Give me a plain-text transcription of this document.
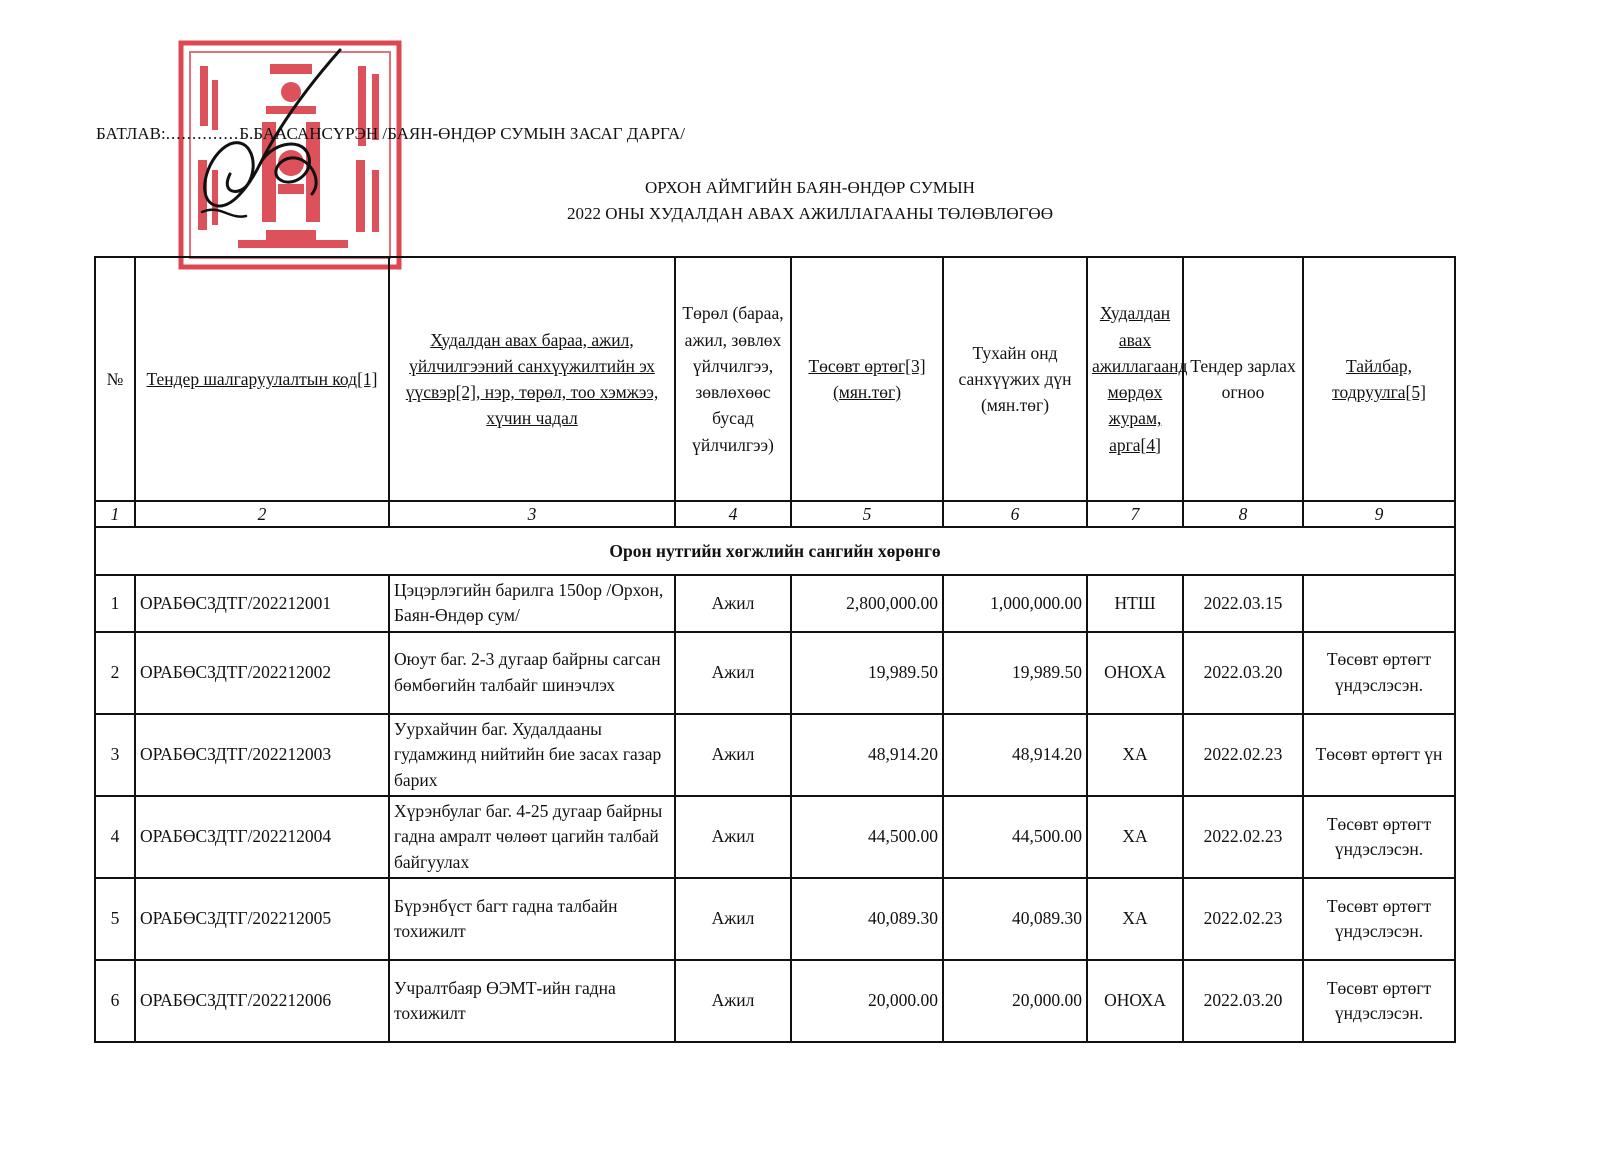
БАТЛАВ:..............Б.БААСАНСҮРЭН /БАЯН-ӨНДӨР СУМЫН ЗАСАГ ДАРГА/
ОРХОН АЙМГИЙН БАЯН-ӨНДӨР СУМЫН
2022 ОНЫ ХУДАЛДАН АВАХ АЖИЛЛАГААНЫ ТӨЛӨВЛӨГӨӨ
№	Тендер шалгаруулалтын код[1]	Худалдан авах бараа, ажил, үйлчилгээний санхүүжилтийн эх үүсвэр[2], нэр, төрөл, тоо хэмжээ, хүчин чадал	Төрөл (бараа, ажил, зөвлөх үйлчилгээ, зөвлөхөөс бусад үйлчилгээ)	Төсөвт өртөг[3] (мян.төг)	Тухайн онд санхүүжих дүн (мян.төг)	Худалдан авах ажиллагаанд мөрдөх журам, арга[4]	Тендер зарлах огноо	Тайлбар, тодруулга[5]
1	2	3	4	5	6	7	8	9
Орон нутгийн хөгжлийн сангийн хөрөнгө								
1	ОРАБӨСЗДТГ/202212001	Цэцэрлэгийн барилга 150ор /Орхон, Баян-Өндөр сум/	Ажил	2,800,000.00	1,000,000.00	НТШ	2022.03.15	
2	ОРАБӨСЗДТГ/202212002	Оюут баг. 2-3 дугаар байрны сагсан бөмбөгийн талбайг шинэчлэх	Ажил	19,989.50	19,989.50	ОНОХА	2022.03.20	Төсөвт өртөгт үндэслэсэн.
3	ОРАБӨСЗДТГ/202212003	Уурхайчин баг. Худалдааны гудамжинд нийтийн бие засах газар барих	Ажил	48,914.20	48,914.20	ХА	2022.02.23	Төсөвт өртөгт үн
4	ОРАБӨСЗДТГ/202212004	Хүрэнбулаг баг. 4-25 дугаар байрны гадна амралт чөлөөт цагийн талбай байгуулах	Ажил	44,500.00	44,500.00	ХА	2022.02.23	Төсөвт өртөгт үндэслэсэн.
5	ОРАБӨСЗДТГ/202212005	Бүрэнбүст багт гадна талбайн тохижилт	Ажил	40,089.30	40,089.30	ХА	2022.02.23	Төсөвт өртөгт үндэслэсэн.
6	ОРАБӨСЗДТГ/202212006	Учралтбаяр ӨЭМТ-ийн гадна тохижилт	Ажил	20,000.00	20,000.00	ОНОХА	2022.03.20	Төсөвт өртөгт үндэслэсэн.
